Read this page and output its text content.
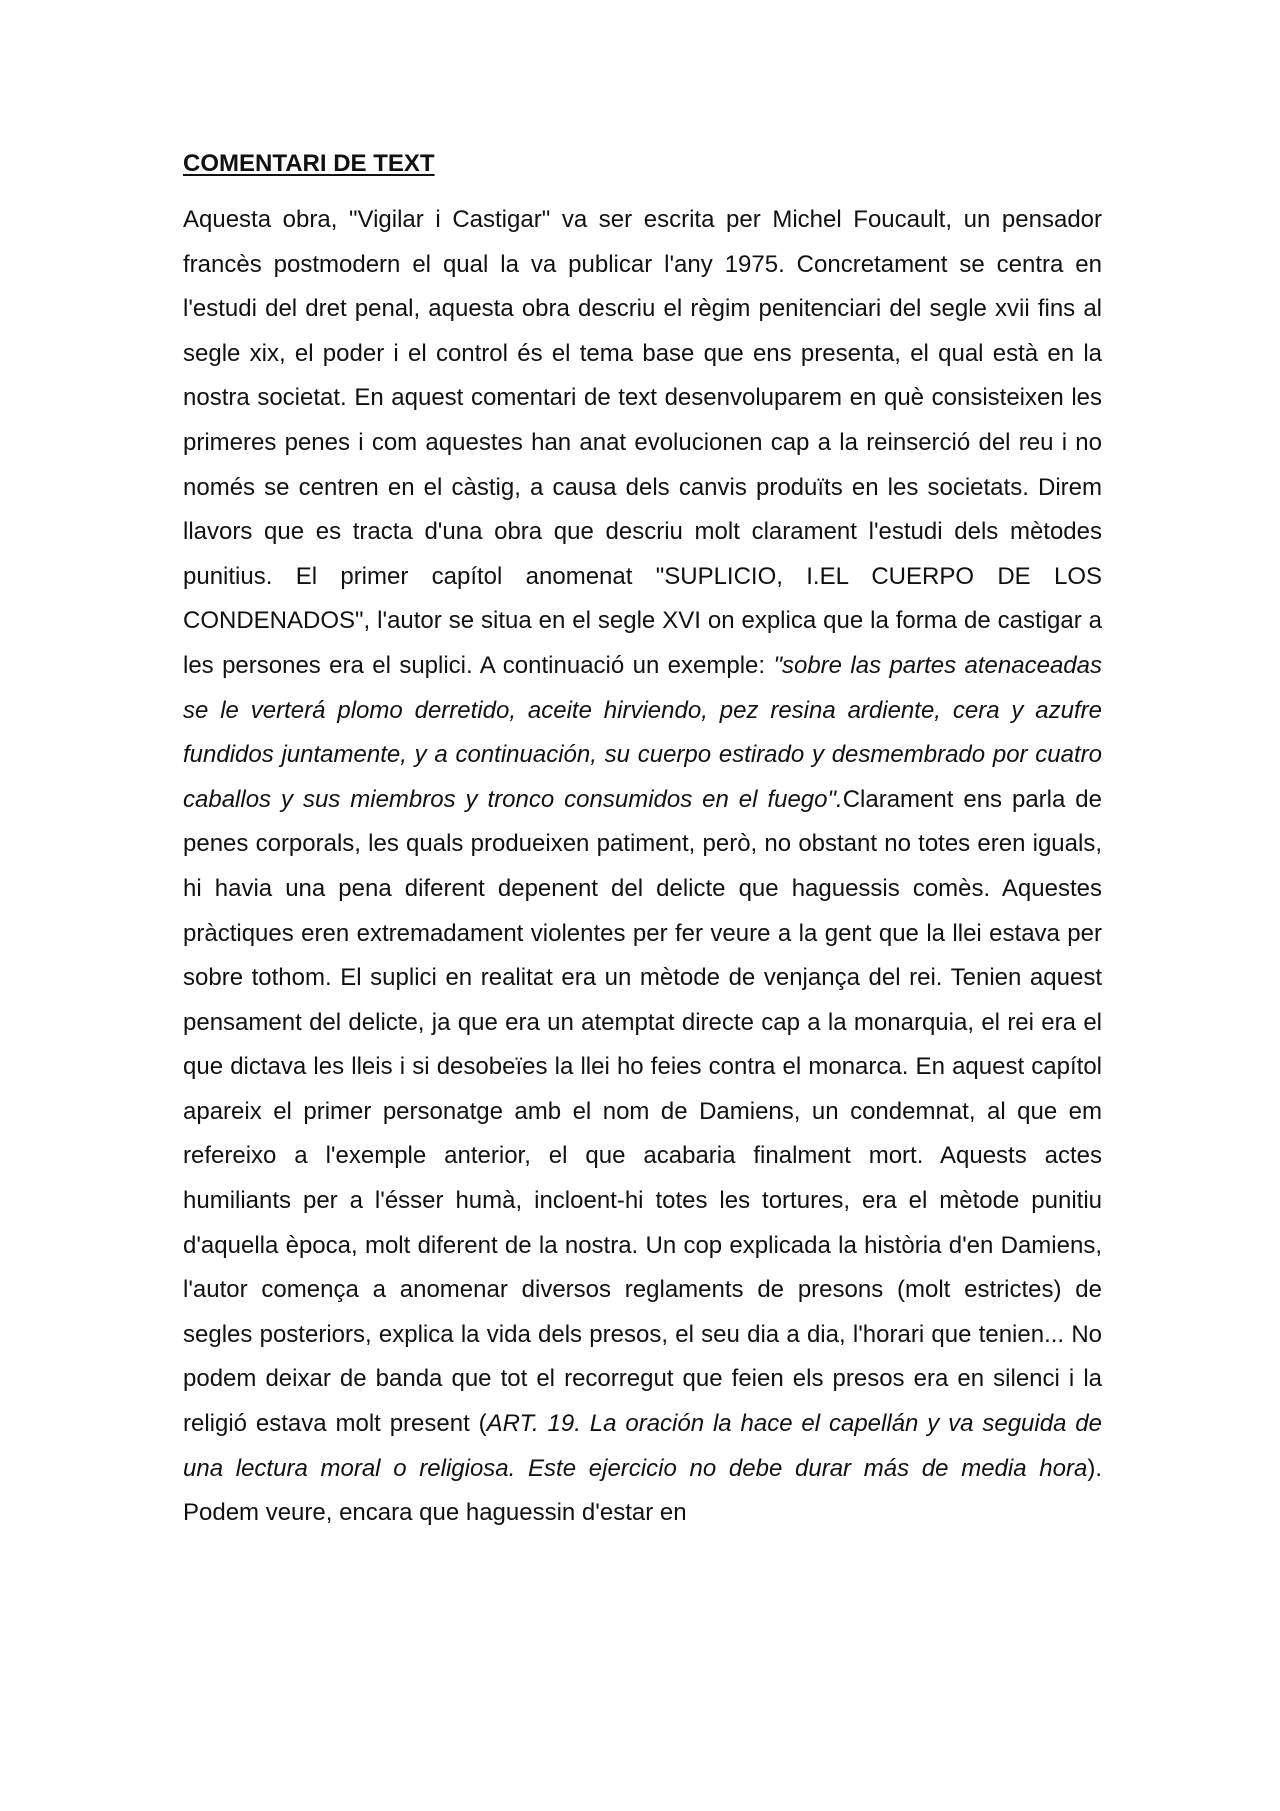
COMENTARI DE TEXT

Aquesta obra, "Vigilar i Castigar" va ser escrita per Michel Foucault, un pensador francès postmodern el qual la va publicar l'any 1975. Concretament se centra en l'estudi del dret penal, aquesta obra descriu el règim penitenciari del segle xvii fins al segle xix, el poder i el control és el tema base que ens presenta, el qual està en la nostra societat. En aquest comentari de text desenvoluparem en què consisteixen les primeres penes i com aquestes han anat evolucionen cap a la reinserció del reu i no només se centren en el càstig, a causa dels canvis produïts en les societats. Direm llavors que es tracta d'una obra que descriu molt clarament l'estudi dels mètodes punitius. El primer capítol anomenat "SUPLICIO, I.EL CUERPO DE LOS CONDENADOS", l'autor se situa en el segle XVI on explica que la forma de castigar a les persones era el suplici. A continuació un exemple: "sobre las partes atenaceadas se le verterá plomo derretido, aceite hirviendo, pez resina ardiente, cera y azufre fundidos juntamente, y a continuación, su cuerpo estirado y desmembrado por cuatro caballos y sus miembros y tronco consumidos en el fuego".Clarament ens parla de penes corporals, les quals produeixen patiment, però, no obstant no totes eren iguals, hi havia una pena diferent depenent del delicte que haguessis comès. Aquestes pràctiques eren extremadament violentes per fer veure a la gent que la llei estava per sobre tothom. El suplici en realitat era un mètode de venjança del rei. Tenien aquest pensament del delicte, ja que era un atemptat directe cap a la monarquia, el rei era el que dictava les lleis i si desobeïes la llei ho feies contra el monarca. En aquest capítol apareix el primer personatge amb el nom de Damiens, un condemnat, al que em refereixo a l'exemple anterior, el que acabaria finalment mort. Aquests actes humiliants per a l'ésser humà, incloent-hi totes les tortures, era el mètode punitiu d'aquella època, molt diferent de la nostra. Un cop explicada la història d'en Damiens, l'autor comença a anomenar diversos reglaments de presons (molt estrictes) de segles posteriors, explica la vida dels presos, el seu dia a dia, l'horari que tenien... No podem deixar de banda que tot el recorregut que feien els presos era en silenci i la religió estava molt present (ART. 19. La oración la hace el capellán y va seguida de una lectura moral o religiosa. Este ejercicio no debe durar más de media hora). Podem veure, encara que haguessin d'estar en
